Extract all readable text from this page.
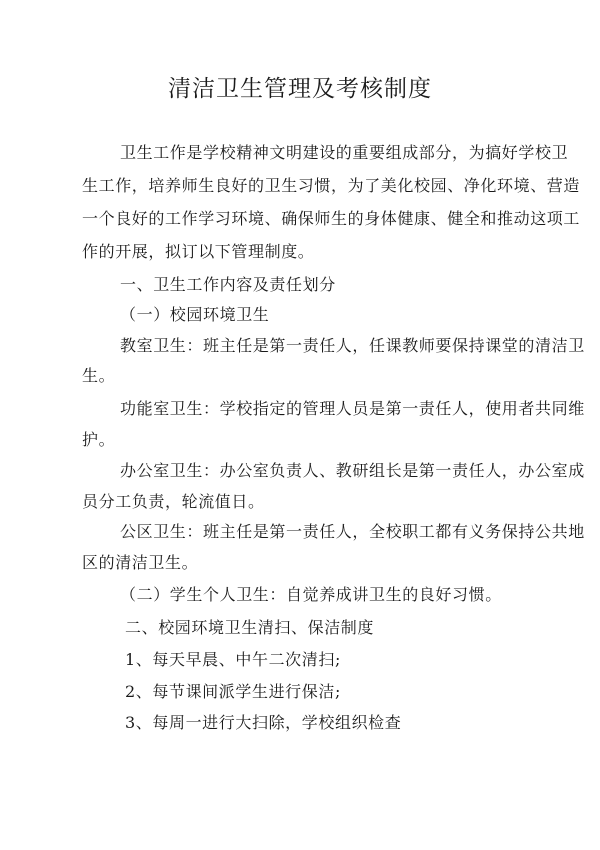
清洁卫生管理及考核制度
卫生工作是学校精神文明建设的重要组成部分，为搞好学校卫
生工作，培养师生良好的卫生习惯，为了美化校园、净化环境、营造
一个良好的工作学习环境、确保师生的身体健康、健全和推动这项工
作的开展，拟订以下管理制度。
一、卫生工作内容及责任划分
（一）校园环境卫生
教室卫生：班主任是第一责任人，任课教师要保持课堂的清洁卫
生。
功能室卫生：学校指定的管理人员是第一责任人，使用者共同维
护。
办公室卫生：办公室负责人、教研组长是第一责任人，办公室成
员分工负责，轮流值日。
公区卫生：班主任是第一责任人，全校职工都有义务保持公共地
区的清洁卫生。
（二）学生个人卫生：自觉养成讲卫生的良好习惯。
二、校园环境卫生清扫、保洁制度
1、每天早晨、中午二次清扫;
2、每节课间派学生进行保洁;
3、每周一进行大扫除，学校组织检查
